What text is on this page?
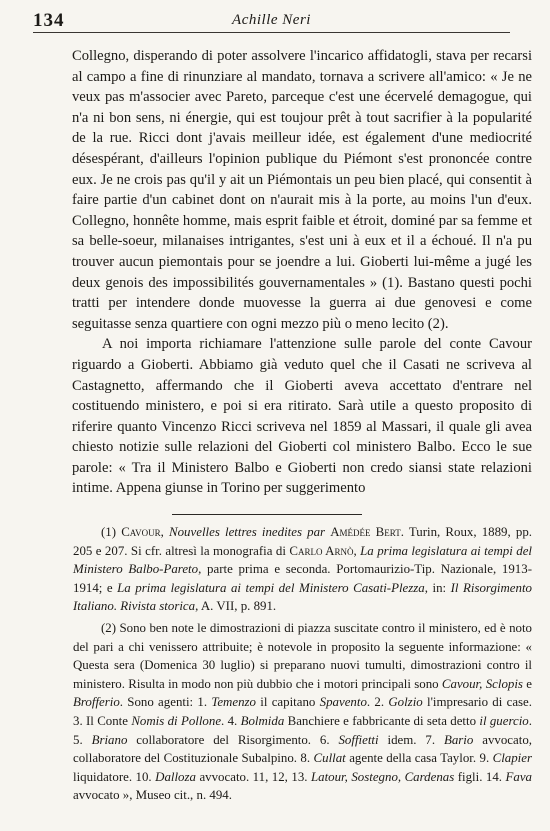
134	Achille Neri

Collegno, disperando di poter assolvere l'incarico affidatogli, stava per recarsi al campo a fine di rinunziare al mandato, tornava a scrivere all'amico: « Je ne veux pas m'associer avec Pareto, parceque c'est une écervelé demagogue, qui n'a ni bon sens, ni énergie, qui est toujour prêt à tout sacrifier à la popularité de la rue. Ricci dont j'avais meilleur idée, est également d'une mediocrité désespérant, d'ailleurs l'opinion publique du Piémont s'est prononcée contre eux. Je ne crois pas qu'il y ait un Piémontais un peu bien placé, qui consentit à faire partie d'un cabinet dont on n'aurait mis à la porte, au moins l'un d'eux. Collegno, honnête homme, mais esprit faible et étroit, dominé par sa femme et sa belle-soeur, milanaises intrigantes, s'est uni à eux et il a échoué. Il n'a pu trouver aucun piemontais pour se joendre a lui. Gioberti lui-même a jugé les deux genois des impossibilités gouvernamentales » (1). Bastano questi pochi tratti per intendere donde muovesse la guerra ai due genovesi e come seguitasse senza quartiere con ogni mezzo più o meno lecito (2).

A noi importa richiamare l'attenzione sulle parole del conte Cavour riguardo a Gioberti. Abbiamo già veduto quel che il Casati ne scriveva al Castagnetto, affermando che il Gioberti aveva accettato d'entrare nel costituendo ministero, e poi si era ritirato. Sarà utile a questo proposito di riferire quanto Vincenzo Ricci scriveva nel 1859 al Massari, il quale gli avea chiesto notizie sulle relazioni del Gioberti col ministero Balbo. Ecco le sue parole: « Tra il Ministero Balbo e Gioberti non credo siansi state relazioni intime. Appena giunse in Torino per suggerimento

(1) Cavour, Nouvelles lettres inedites par Amédée Bert. Turin, Roux, 1889, pp. 205 e 207. Si cfr. altresì la monografia di Carlo Arnò, La prima legislatura ai tempi del Ministero Balbo-Pareto, parte prima e seconda. Portomaurizio-Tip. Nazionale, 1913-1914; e La prima legislatura ai tempi del Ministero Casati-Plezza, in: Il Risorgimento Italiano. Rivista storica, A. VII, p. 891.

(2) Sono ben note le dimostrazioni di piazza suscitate contro il ministero, ed è noto del pari a chi venissero attribuite; è notevole in proposito la seguente informazione: « Questa sera (Domenica 30 luglio) si preparano nuovi tumulti, dimostrazioni contro il ministero. Risulta in modo non più dubbio che i motori principali sono Cavour, Sclopis e Brofferio. Sono agenti: 1. Temenzo il capitano Spavento. 2. Golzio l'impresario di case. 3. Il Conte Nomis di Pollone. 4. Bolmida Banchiere e fabbricante di seta detto il guercio. 5. Briano collaboratore del Risorgimento. 6. Soffietti idem. 7. Bario avvocato, collaboratore del Costituzionale Subalpino. 8. Cullat agente della casa Taylor. 9. Clapier liquidatore. 10. Dalloza avvocato. 11, 12, 13. Latour, Sostegno, Cardenas figli. 14. Fava avvocato », Museo cit., n. 494.
